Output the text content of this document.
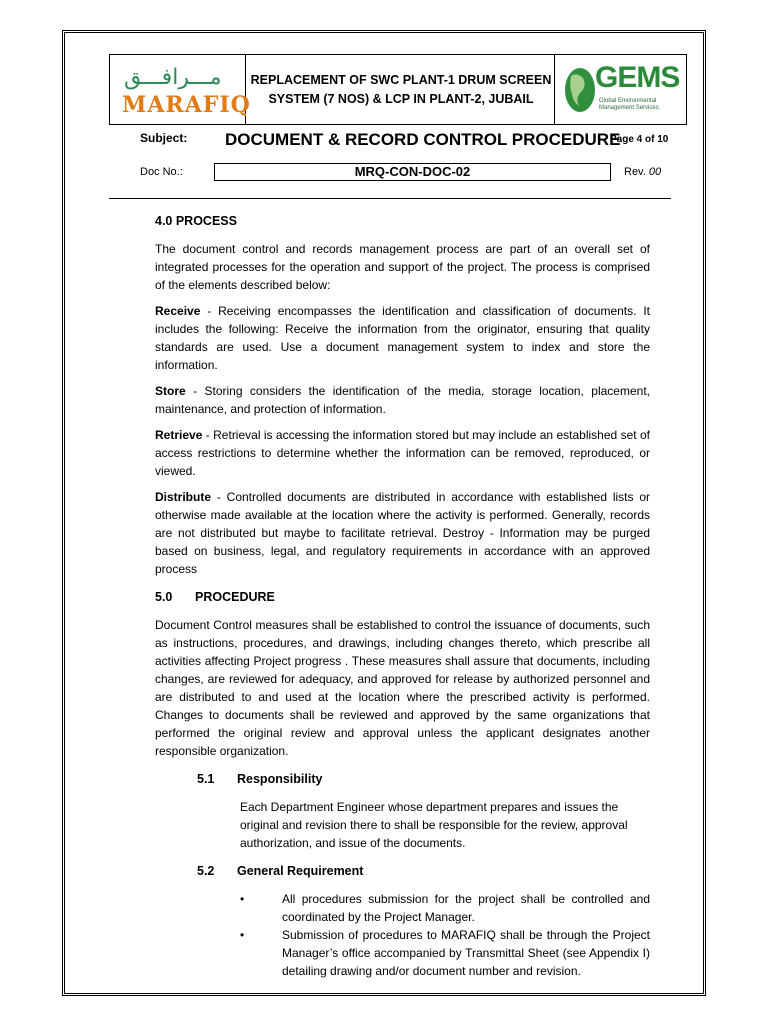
مـــرافـــق
MARAFIQ
REPLACEMENT OF SWC PLANT-1 DRUM SCREEN
SYSTEM (7 NOS) & LCP IN PLANT-2, JUBAIL
GEMS
Global Environmental Management Services
Subject: DOCUMENT & RECORD CONTROL PROCEDURE
Page 4 of 10
Doc No.:	MRQ-CON-DOC-02	Rev. 00

4.0 PROCESS

The document control and records management process are part of an overall set of integrated processes for the operation and support of the project. The process is comprised of the elements described below:

Receive - Receiving encompasses the identification and classification of documents. It includes the following: Receive the information from the originator, ensuring that quality standards are used. Use a document management system to index and store the information.

Store - Storing considers the identification of the media, storage location, placement, maintenance, and protection of information.

Retrieve - Retrieval is accessing the information stored but may include an established set of access restrictions to determine whether the information can be removed, reproduced, or viewed.

Distribute - Controlled documents are distributed in accordance with established lists or otherwise made available at the location where the activity is performed. Generally, records are not distributed but maybe to facilitate retrieval. Destroy - Information may be purged based on business, legal, and regulatory requirements in accordance with an approved process

5.0 PROCEDURE

Document Control measures shall be established to control the issuance of documents, such as instructions, procedures, and drawings, including changes thereto, which prescribe all activities affecting Project progress . These measures shall assure that documents, including changes, are reviewed for adequacy, and approved for release by authorized personnel and are distributed to and used at the location where the prescribed activity is performed. Changes to documents shall be reviewed and approved by the same organizations that performed the original review and approval unless the applicant designates another responsible organization.

5.1 Responsibility

Each Department Engineer whose department prepares and issues the original and revision there to shall be responsible for the review, approval authorization, and issue of the documents.

5.2 General Requirement

•	All procedures submission for the project shall be controlled and coordinated by the Project Manager.
•	Submission of procedures to MARAFIQ shall be through the Project Manager’s office accompanied by Transmittal Sheet (see Appendix I) detailing drawing and/or document number and revision.
